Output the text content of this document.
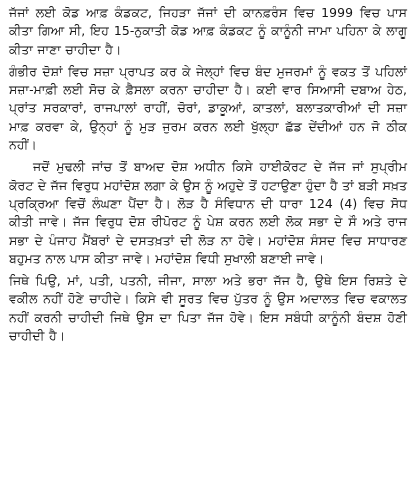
ਜੱਜਾਂ ਲਈ ਕੋਡ ਆਫ਼ ਕੰਡਕਟ, ਜਿਹੜਾ ਜੱਜਾਂ ਦੀ ਕਾਨਫ਼ਰੰਸ ਵਿਚ 1999 ਵਿਚ ਪਾਸ ਕੀਤਾ ਗਿਆ ਸੀ, ਇਹ 15-ਨੁਕਾਤੀ ਕੋਡ ਆਫ਼ ਕੰਡਕਟ ਨੂੰ ਕਾਨੂੰਨੀ ਜਾਮਾ ਪਹਿਨਾ ਕੇ ਲਾਗੂ ਕੀਤਾ ਜਾਣਾ ਚਾਹੀਦਾ ਹੈ।

ਗੰਭੀਰ ਦੋਸ਼ਾਂ ਵਿਚ ਸਜ਼ਾ ਪ੍ਰਾਪਤ ਕਰ ਕੇ ਜੇਲ੍ਹਾਂ ਵਿਚ ਬੰਦ ਮੁਜਰਮਾਂ ਨੂੰ ਵਕਤ ਤੋਂ ਪਹਿਲਾਂ ਸਜ਼ਾ-ਮਾਫ਼ੀ ਲਈ ਸੋਚ ਕੇ ਫ਼ੈਸਲਾ ਕਰਨਾ ਚਾਹੀਦਾ ਹੈ। ਕਈ ਵਾਰ ਸਿਆਸੀ ਦਬਾਅ ਹੇਠ, ਪ੍ਰਾਂਤ ਸਰਕਾਰਾਂ, ਰਾਜਪਾਲਾਂ ਰਾਹੀਂ, ਚੋਰਾਂ, ਡਾਕੂਆਂ, ਕਾਤਲਾਂ, ਬਲਾਤਕਾਰੀਆਂ ਦੀ ਸਜ਼ਾ ਮਾਫ਼ ਕਰਵਾ ਕੇ, ਉਨ੍ਹਾਂ ਨੂੰ ਮੁੜ ਜੁਰਮ ਕਰਨ ਲਈ ਖੁੱਲ੍ਹਾ ਛੱਡ ਦੇਂਦੀਆਂ ਹਨ ਜੋ ਠੀਕ ਨਹੀਂ।

ਜਦੋਂ ਮੁਢਲੀ ਜਾਂਚ ਤੋਂ ਬਾਅਦ ਦੋਸ਼ ਅਧੀਨ ਕਿਸੇ ਹਾਈਕੋਰਟ ਦੇ ਜੱਜ ਜਾਂ ਸੁਪ੍ਰੀਮ ਕੋਰਟ ਦੇ ਜੱਜ ਵਿਰੁਧ ਮਹਾਂਦੋਸ਼ ਲਗਾ ਕੇ ਉਸ ਨੂੰ ਅਹੁਦੇ ਤੋਂ ਹਟਾਉਣਾ ਹੁੰਦਾ ਹੈ ਤਾਂ ਬੜੀ ਸਖ਼ਤ ਪ੍ਰਕ੍ਰਿਆ ਵਿਚੋਂ ਲੰਘਣਾ ਪੈਂਦਾ ਹੈ। ਲੋੜ ਹੈ ਸੰਵਿਧਾਨ ਦੀ ਧਾਰਾ 124 (4) ਵਿਚ ਸੋਧ ਕੀਤੀ ਜਾਵੇ। ਜੱਜ ਵਿਰੁਧ ਦੋਸ਼ ਰੀਪੋਰਟ ਨੂੰ ਪੇਸ਼ ਕਰਨ ਲਈ ਲੋਕ ਸਭਾ ਦੇ ਸੌ ਅਤੇ ਰਾਜ ਸਭਾ ਦੇ ਪੰਜਾਹ ਮੈਂਬਰਾਂ ਦੇ ਦਸਤਖ਼ਤਾਂ ਦੀ ਲੋੜ ਨਾ ਹੋਵੇ। ਮਹਾਂਦੋਸ਼ ਸੰਸਦ ਵਿਚ ਸਾਧਾਰਣ ਬਹੁਮਤ ਨਾਲ ਪਾਸ ਕੀਤਾ ਜਾਵੇ। ਮਹਾਂਦੋਸ਼ ਵਿਧੀ ਸੁਖਾਲੀ ਬਣਾਈ ਜਾਵੇ।

ਜਿਥੇ ਪਿਉ, ਮਾਂ, ਪਤੀ, ਪਤਨੀ, ਜੀਜਾ, ਸਾਲਾ ਅਤੇ ਭਰਾ ਜੱਜ ਹੈ, ਉਥੇ ਇਸ ਰਿਸ਼ਤੇ ਦੇ ਵਕੀਲ ਨਹੀਂ ਹੋਣੇ ਚਾਹੀਦੇ। ਕਿਸੇ ਵੀ ਸੂਰਤ ਵਿਚ ਪੁੱਤਰ ਨੂੰ ਉਸ ਅਦਾਲਤ ਵਿਚ ਵਕਾਲਤ ਨਹੀਂ ਕਰਨੀ ਚਾਹੀਦੀ ਜਿਥੇ ਉਸ ਦਾ ਪਿਤਾ ਜੱਜ ਹੋਵੇ। ਇਸ ਸਬੰਧੀ ਕਾਨੂੰਨੀ ਬੰਦਸ਼ ਹੋਣੀ ਚਾਹੀਦੀ ਹੈ।
